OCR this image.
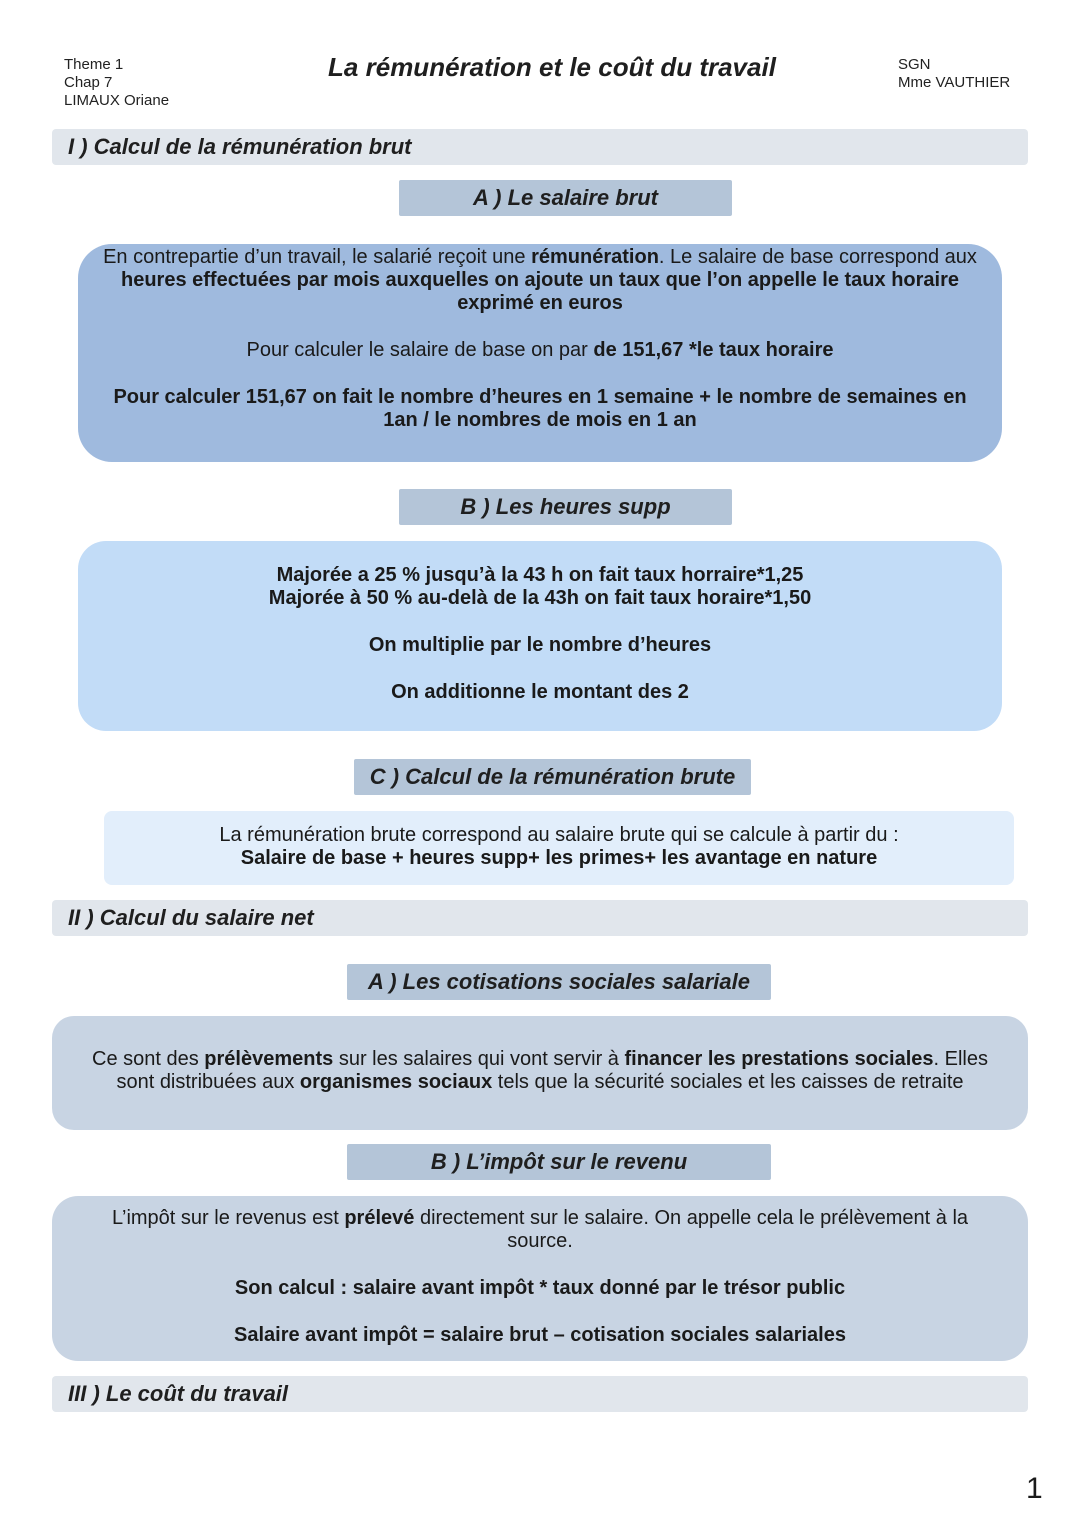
Theme 1
Chap 7
LIMAUX Oriane
La rémunération et le coût du travail	SGN
Mme VAUTHIER
I ) Calcul de la rémunération brut
A ) Le salaire brut

En contrepartie d’un travail, le salarié reçoit une rémunération. Le salaire de base correspond aux heures effectuées par mois auxquelles on ajoute un taux que l’on appelle le taux horaire exprimé en euros

Pour calculer le salaire de base on par de 151,67 *le taux horaire

Pour calculer 151,67 on fait le nombre d’heures en 1 semaine + le nombre de semaines en 1an / le nombres de mois en 1 an

B ) Les heures supp

Majorée a 25 % jusqu’à la 43 h on fait taux horraire*1,25

Majorée à 50 % au-delà de la 43h on fait taux horaire*1,50

On multiplie par le nombre d’heures

On additionne le montant des 2

C ) Calcul de la rémunération brute

La rémunération brute correspond au salaire brute qui se calcule à partir du :

Salaire de base + heures supp+ les primes+ les avantage en nature

II ) Calcul du salaire net
A ) Les cotisations sociales salariale

Ce sont des prélèvements sur les salaires qui vont servir à financer les prestations sociales. Elles sont distribuées aux organismes sociaux tels que la sécurité sociales et les caisses de retraite

B ) L’impôt sur le revenu

L’impôt sur le revenus est prélevé directement sur le salaire. On appelle cela le prélèvement à la source.

Son calcul : salaire avant impôt * taux donné par le trésor public

Salaire avant impôt = salaire brut – cotisation sociales salariales

III ) Le coût du travail
1
